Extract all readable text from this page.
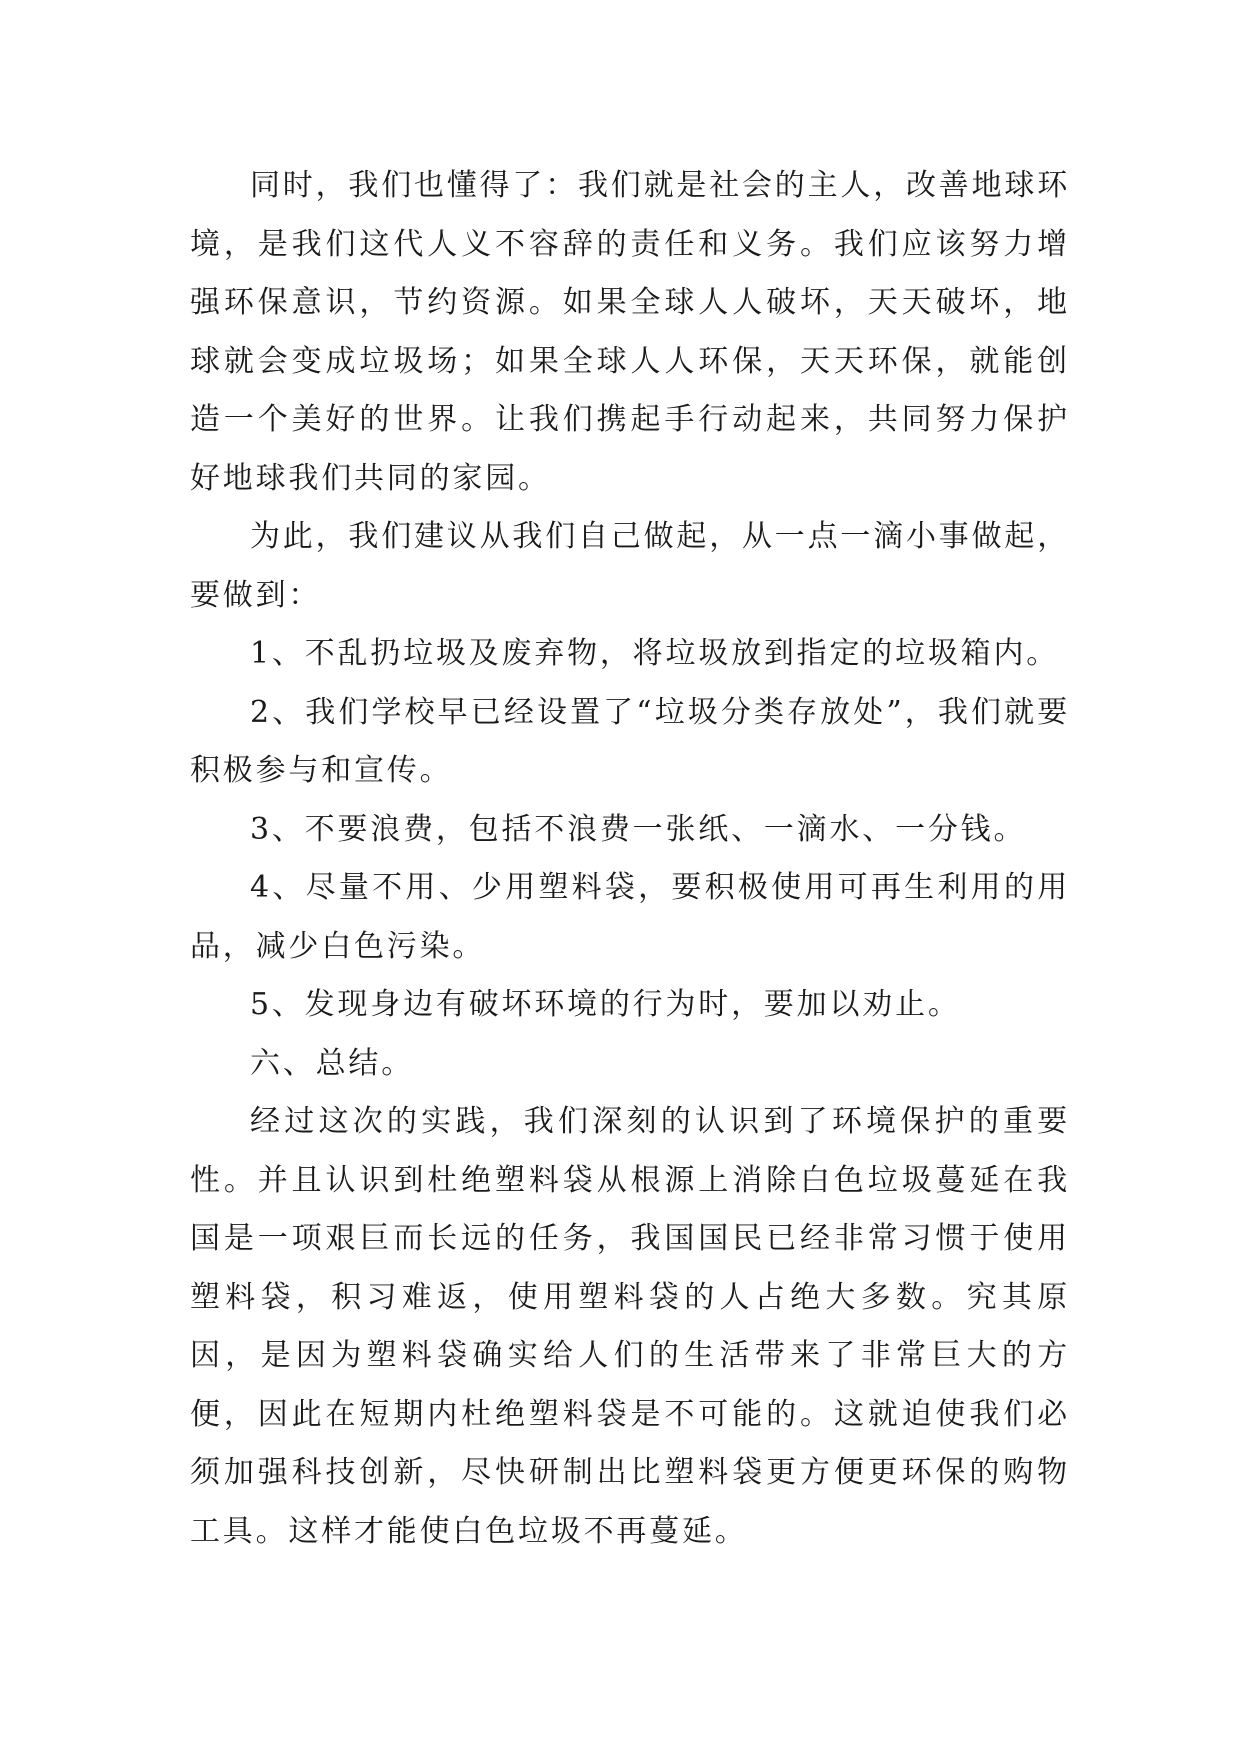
同时，我们也懂得了：我们就是社会的主人，改善地球环境，是我们这代人义不容辞的责任和义务。我们应该努力增强环保意识，节约资源。如果全球人人破坏，天天破坏，地球就会变成垃圾场；如果全球人人环保，天天环保，就能创造一个美好的世界。让我们携起手行动起来，共同努力保护好地球我们共同的家园。

为此，我们建议从我们自己做起，从一点一滴小事做起，要做到：

1、不乱扔垃圾及废弃物，将垃圾放到指定的垃圾箱内。

2、我们学校早已经设置了“垃圾分类存放处”，我们就要积极参与和宣传。

3、不要浪费，包括不浪费一张纸、一滴水、一分钱。

4、尽量不用、少用塑料袋，要积极使用可再生利用的用品，减少白色污染。

5、发现身边有破坏环境的行为时，要加以劝止。

六、总结。

经过这次的实践，我们深刻的认识到了环境保护的重要性。并且认识到杜绝塑料袋从根源上消除白色垃圾蔓延在我国是一项艰巨而长远的任务，我国国民已经非常习惯于使用塑料袋，积习难返，使用塑料袋的人占绝大多数。究其原因，是因为塑料袋确实给人们的生活带来了非常巨大的方便，因此在短期内杜绝塑料袋是不可能的。这就迫使我们必须加强科技创新，尽快研制出比塑料袋更方便更环保的购物工具。这样才能使白色垃圾不再蔓延。
